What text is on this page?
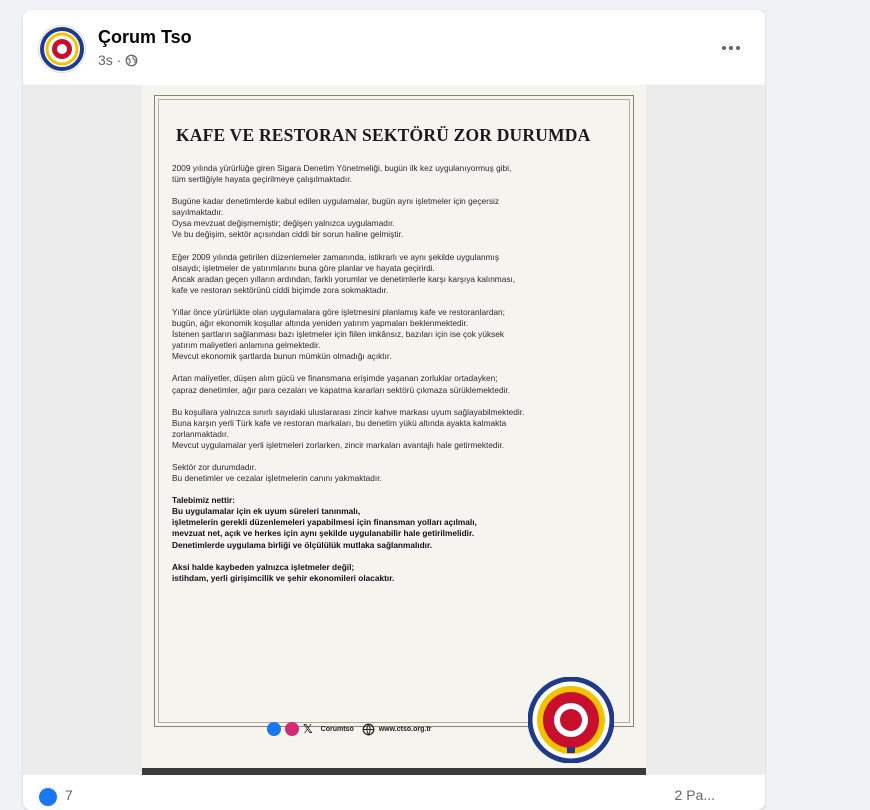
Çorum Tso
3s ·
KAFE VE RESTORAN SEKTÖRÜ ZOR DURUMDA

2009 yılında yürürlüğe giren Sigara Denetim Yönetmeliği, bugün ilk kez uygulanıyormuş gibi,
tüm sertliğiyle hayata geçirilmeye çalışılmaktadır.

Bugüne kadar denetimlerde kabul edilen uygulamalar, bugün aynı işletmeler için geçersiz
sayılmaktadır.
Oysa mevzuat değişmemiştir; değişen yalnızca uygulamadır.
Ve bu değişim, sektör açısından ciddi bir sorun haline gelmiştir.

Eğer 2009 yılında getirilen düzenlemeler zamanında, istikrarlı ve aynı şekilde uygulanmış
olsaydı; işletmeler de yatırımlarını buna göre planlar ve hayata geçirirdi.
Ancak aradan geçen yılların ardından, farklı yorumlar ve denetimlerle karşı karşıya kalınması,
kafe ve restoran sektörünü ciddi biçimde zora sokmaktadır.

Yıllar önce yürürlükte olan uygulamalara göre işletmesini planlamış kafe ve restoranlardan;
bugün, ağır ekonomik koşullar altında yeniden yatırım yapmaları beklenmektedir.
İstenen şartların sağlanması bazı işletmeler için fiilen imkânsız, bazıları için ise çok yüksek
yatırım maliyetleri anlamına gelmektedir.
Mevcut ekonomik şartlarda bunun mümkün olmadığı açıktır.

Artan maliyetler, düşen alım gücü ve finansmana erişimde yaşanan zorluklar ortadayken;
çapraz denetimler, ağır para cezaları ve kapatma kararları sektörü çıkmaza sürüklemektedir.

Bu koşullara yalnızca sınırlı sayıdaki uluslararası zincir kahve markası uyum sağlayabilmektedir.
Buna karşın yerli Türk kafe ve restoran markaları, bu denetim yükü altında ayakta kalmakta
zorlanmaktadır.
Mevcut uygulamalar yerli işletmeleri zorlarken, zincir markaları avantajlı hale getirmektedir.

Sektör zor durumdadır.
Bu denetimler ve cezalar işletmelerin canını yakmaktadır.

Talebimiz nettir:
Bu uygulamalar için ek uyum süreleri tanınmalı,
işletmelerin gerekli düzenlemeleri yapabilmesi için finansman yolları açılmalı,
mevzuat net, açık ve herkes için aynı şekilde uygulanabilir hale getirilmelidir.
Denetimlerde uygulama birliği ve ölçülülük mutlaka sağlanmalıdır.

Aksi halde kaybeden yalnızca işletmeler değil;
istihdam, yerli girişimcilik ve şehir ekonomileri olacaktır.

𝕏 Corumtso	www.ctso.org.tr
7	2 Pa...
